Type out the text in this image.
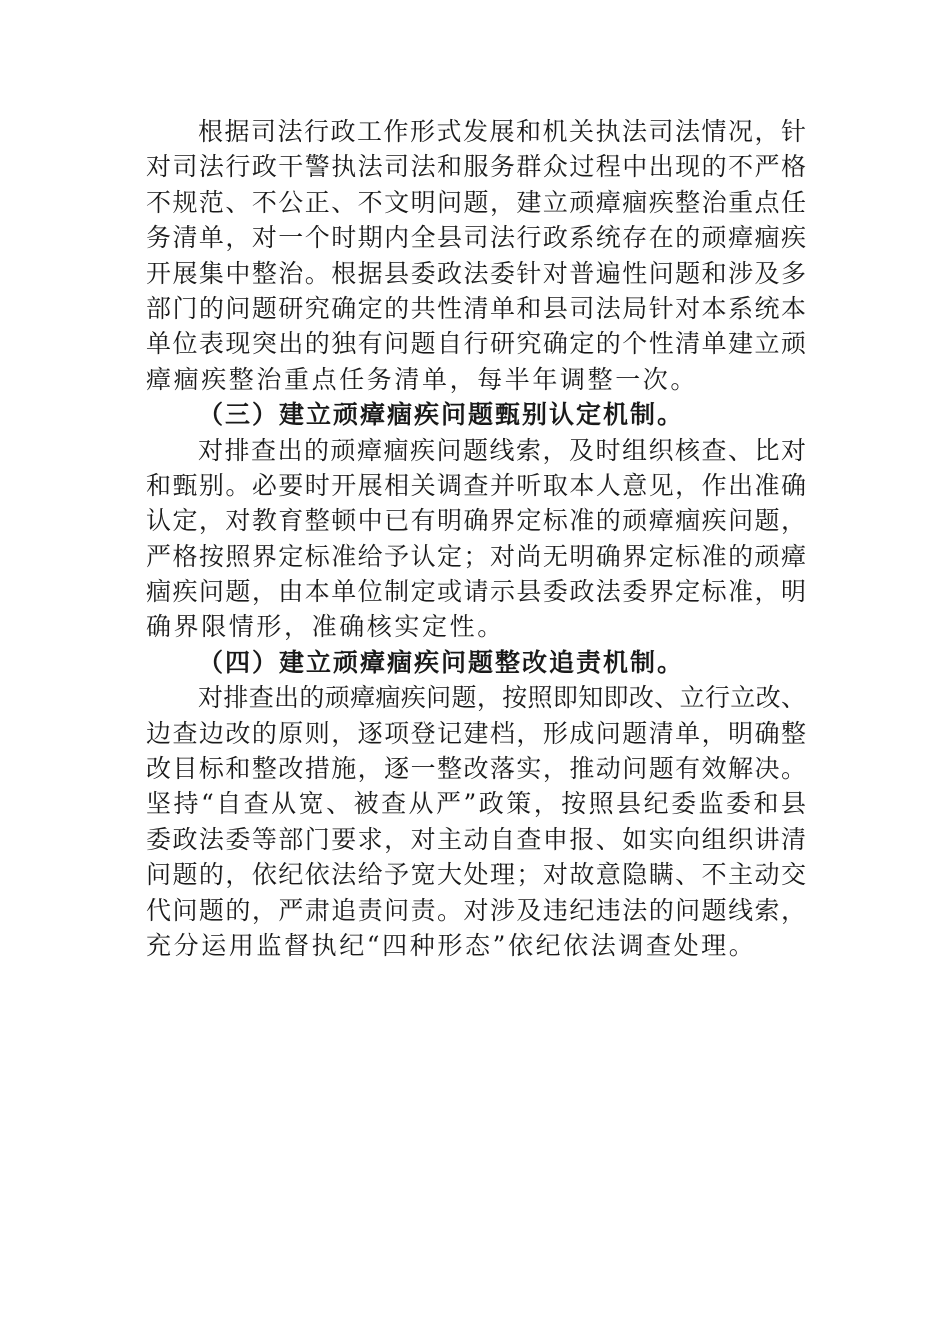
根据司法行政工作形式发展和机关执法司法情况，针
对司法行政干警执法司法和服务群众过程中出现的不严格
不规范、不公正、不文明问题，建立顽瘴痼疾整治重点任
务清单，对一个时期内全县司法行政系统存在的顽瘴痼疾
开展集中整治。根据县委政法委针对普遍性问题和涉及多
部门的问题研究确定的共性清单和县司法局针对本系统本
单位表现突出的独有问题自行研究确定的个性清单建立顽
瘴痼疾整治重点任务清单，每半年调整一次。
（三）建立顽瘴痼疾问题甄别认定机制。
对排查出的顽瘴痼疾问题线索，及时组织核查、比对
和甄别。必要时开展相关调查并听取本人意见，作出准确
认定，对教育整顿中已有明确界定标准的顽瘴痼疾问题，
严格按照界定标准给予认定；对尚无明确界定标准的顽瘴
痼疾问题，由本单位制定或请示县委政法委界定标准，明
确界限情形，准确核实定性。
（四）建立顽瘴痼疾问题整改追责机制。
对排查出的顽瘴痼疾问题，按照即知即改、立行立改、
边查边改的原则，逐项登记建档，形成问题清单，明确整
改目标和整改措施，逐一整改落实，推动问题有效解决。
坚持“自查从宽、被查从严”政策，按照县纪委监委和县
委政法委等部门要求，对主动自查申报、如实向组织讲清
问题的，依纪依法给予宽大处理；对故意隐瞒、不主动交
代问题的，严肃追责问责。对涉及违纪违法的问题线索，
充分运用监督执纪“四种形态”依纪依法调查处理。
